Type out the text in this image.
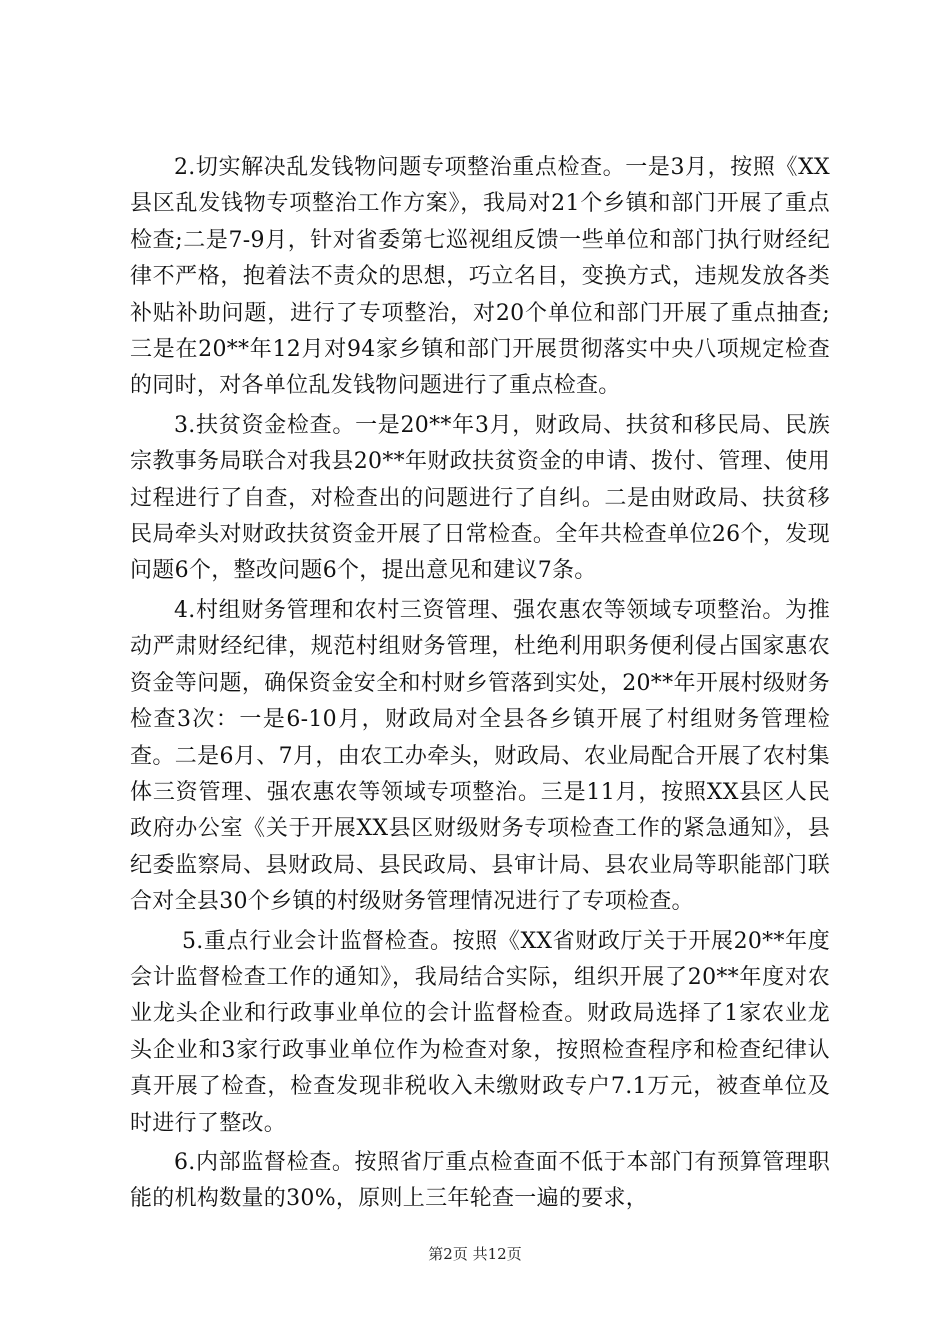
2.切实解决乱发钱物问题专项整治重点检查。一是3月，按照《XX县区乱发钱物专项整治工作方案》，我局对21个乡镇和部门开展了重点检查;二是7-9月，针对省委第七巡视组反馈一些单位和部门执行财经纪律不严格，抱着法不责众的思想，巧立名目，变换方式，违规发放各类补贴补助问题，进行了专项整治，对20个单位和部门开展了重点抽查;三是在20**年12月对94家乡镇和部门开展贯彻落实中央八项规定检查的同时，对各单位乱发钱物问题进行了重点检查。

3.扶贫资金检查。一是20**年3月，财政局、扶贫和移民局、民族宗教事务局联合对我县20**年财政扶贫资金的申请、拨付、管理、使用过程进行了自查，对检查出的问题进行了自纠。二是由财政局、扶贫移民局牵头对财政扶贫资金开展了日常检查。全年共检查单位26个，发现问题6个，整改问题6个，提出意见和建议7条。

4.村组财务管理和农村三资管理、强农惠农等领域专项整治。为推动严肃财经纪律，规范村组财务管理，杜绝利用职务便利侵占国家惠农资金等问题，确保资金安全和村财乡管落到实处，20**年开展村级财务检查3次：一是6-10月，财政局对全县各乡镇开展了村组财务管理检查。二是6月、7月，由农工办牵头，财政局、农业局配合开展了农村集体三资管理、强农惠农等领域专项整治。三是11月，按照XX县区人民政府办公室《关于开展XX县区财级财务专项检查工作的紧急通知》，县纪委监察局、县财政局、县民政局、县审计局、县农业局等职能部门联合对全县30个乡镇的村级财务管理情况进行了专项检查。

5.重点行业会计监督检查。按照《XX省财政厅关于开展20**年度会计监督检查工作的通知》，我局结合实际，组织开展了20**年度对农业龙头企业和行政事业单位的会计监督检查。财政局选择了1家农业龙头企业和3家行政事业单位作为检查对象，按照检查程序和检查纪律认真开展了检查，检查发现非税收入未缴财政专户7.1万元，被查单位及时进行了整改。

6.内部监督检查。按照省厅重点检查面不低于本部门有预算管理职能的机构数量的30%，原则上三年轮查一遍的要求，

第2页 共12页
